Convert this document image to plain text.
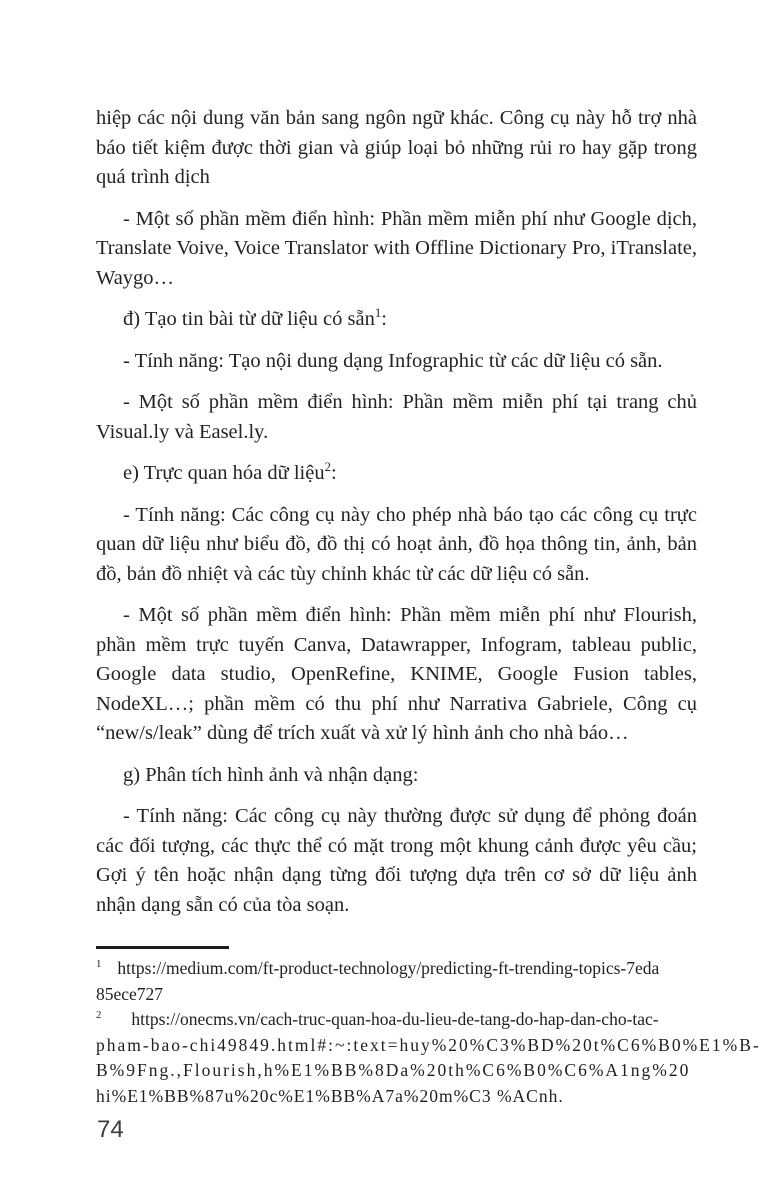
hiệp các nội dung văn bản sang ngôn ngữ khác. Công cụ này hỗ trợ nhà báo tiết kiệm được thời gian và giúp loại bỏ những rủi ro hay gặp trong quá trình dịch

- Một số phần mềm điển hình: Phần mềm miễn phí như Google dịch, Translate Voive, Voice Translator with Offline Dictionary Pro, iTranslate, Waygo…

đ) Tạo tin bài từ dữ liệu có sẵn$^1$:

- Tính năng: Tạo nội dung dạng Infographic từ các dữ liệu có sẵn.

- Một số phần mềm điển hình: Phần mềm miễn phí tại trang chủ Visual.ly và Easel.ly.

e) Trực quan hóa dữ liệu$^2$:

- Tính năng: Các công cụ này cho phép nhà báo tạo các công cụ trực quan dữ liệu như biểu đồ, đồ thị có hoạt ảnh, đồ họa thông tin, ảnh, bản đồ, bản đồ nhiệt và các tùy chỉnh khác từ các dữ liệu có sẵn.

- Một số phần mềm điển hình: Phần mềm miễn phí như Flourish, phần mềm trực tuyến Canva, Datawrapper, Infogram, tableau public, Google data studio, OpenRefine, KNIME, Google Fusion tables, NodeXL…; phần mềm có thu phí như Narrativa Gabriele, Công cụ “new/s/leak” dùng để trích xuất và xử lý hình ảnh cho nhà báo…

g) Phân tích hình ảnh và nhận dạng:

- Tính năng: Các công cụ này thường được sử dụng để phỏng đoán các đối tượng, các thực thể có mặt trong một khung cảnh được yêu cầu; Gợi ý tên hoặc nhận dạng từng đối tượng dựa trên cơ sở dữ liệu ảnh nhận dạng sẵn có của tòa soạn.

$^1$ https://medium.com/ft-product-technology/predicting-ft-trending-topics-7eda
85ece727
$^2$ https://onecms.vn/cach-truc-quan-hoa-du-lieu-de-tang-do-hap-dan-cho-tac-
pham-bao-chi49849.html#:~:text=huy%20%C3%BD%20t%C6%B0%E1%B-
B%9Fng.,Flourish,h%E1%BB%8Da%20th%C6%B0%C6%A1ng%20
hi%E1%BB%87u%20c%E1%BB%A7a%20m%C3 %ACnh.
74
